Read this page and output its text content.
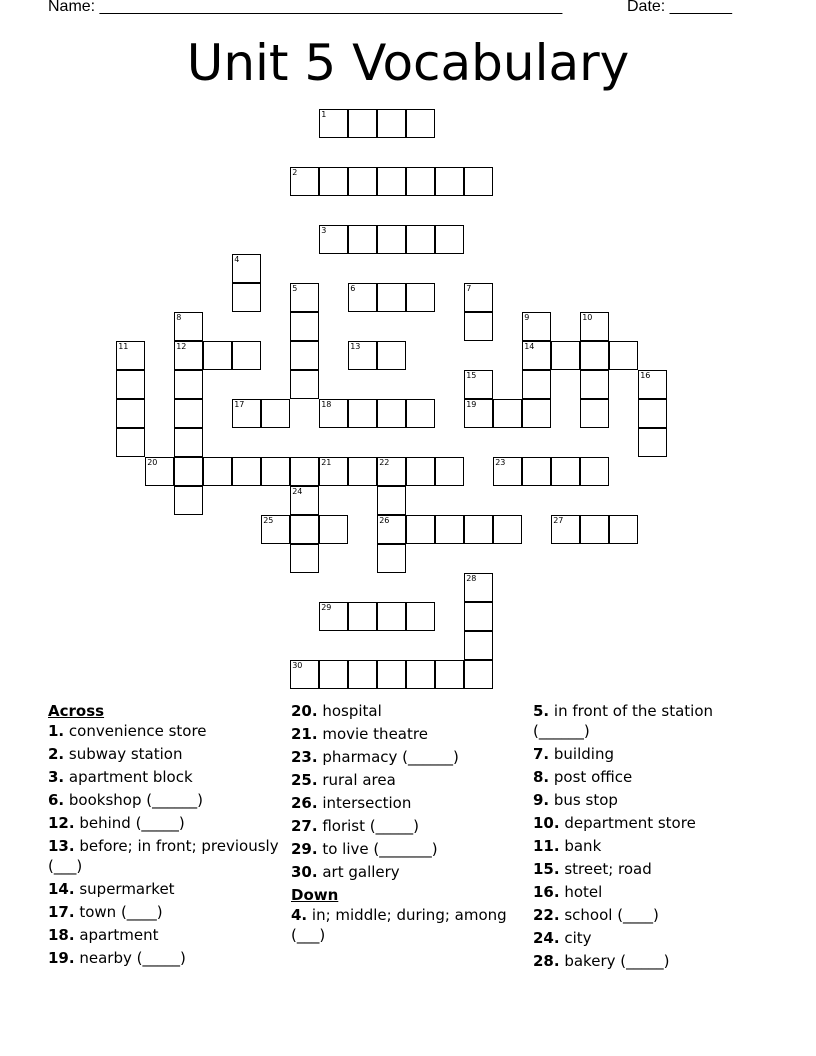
Name: ____________________________________________________	Date: _______
Unit 5 Vocabulary
1
2
3
4
5	6	7
8
12
9
14
10
11	13
15
19
16
17	18
20	21	22
26
23
24
25	27
28
29
30
Across
1. convenience store
2. subway station
3. apartment block
6. bookshop (______)
12. behind (_____)
13. before; in front; previously (___)
14. supermarket
17. town (____)
18. apartment
19. nearby (_____)
20. hospital
21. movie theatre
23. pharmacy (______)
25. rural area
26. intersection
27. florist (_____)
29. to live (_______)
30. art gallery
Down
4. in; middle; during; among (___)
5. in front of the station (______)
7. building
8. post office
9. bus stop
10. department store
11. bank
15. street; road
16. hotel
22. school (____)
24. city
28. bakery (_____)
